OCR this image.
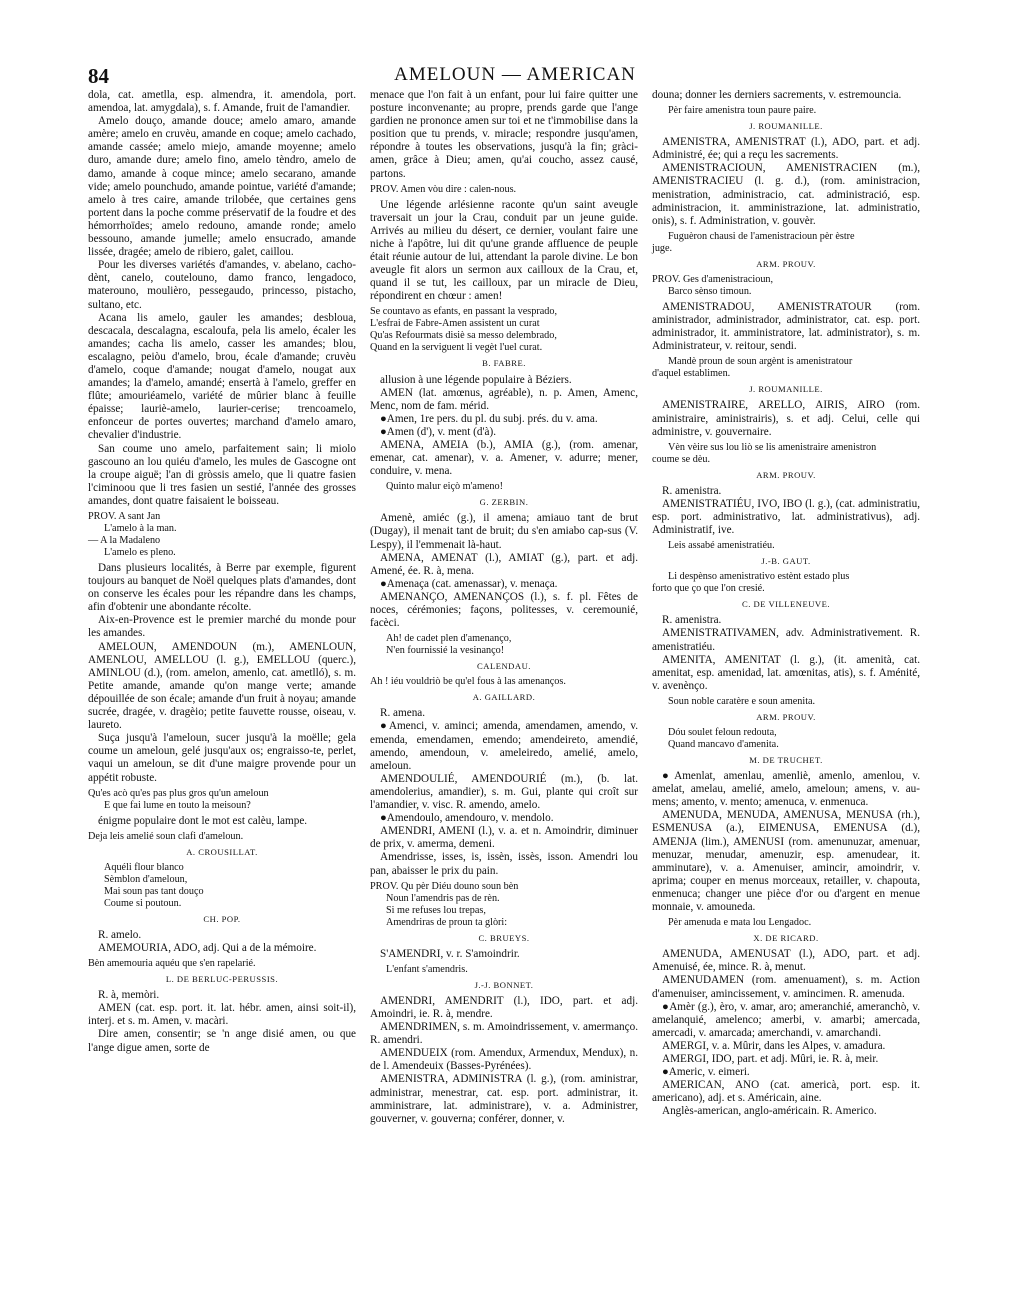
84	AMELOUN — AMERICAN

dola, cat. ametlla, esp. almendra, it. amendola, port. amendoa, lat. amygdala), s. f. Amande, fruit de l'amandier.

Amelo douço, amande douce; amelo amaro, amande amère; amelo en cruvèu, amande en coque; amelo cachado, amande cassée; amelo miejo, amande moyenne; amelo duro, amande dure; amelo fino, amelo tèndro, amelo de damo, amande à coque mince; amelo secarano, amande vide; amelo pounchudo, amande pointue, variété d'amande; amelo à tres caire, amande trilobée, que certaines gens portent dans la poche comme préservatif de la foudre et des hémorrhoïdes; amelo redouno, amande ronde; amelo bessouno, amande jumelle; amelo ensucrado, amande lissée, dragée; amelo de ribiero, galet, caillou.

Pour les diverses variétés d'amandes, v. abelano, cacho-dènt, canelo, coutelouno, damo franco, lengadoco, materouno, moulièro, pessegaudo, princesso, pistacho, sultano, etc.

Acana lis amelo, gauler les amandes; desbloua, descacala, descalagna, escaloufa, pela lis amelo, écaler les amandes; cacha lis amelo, casser les amandes; blou, escalagno, peiòu d'amelo, brou, écale d'amande; cruvèu d'amelo, coque d'amande; nougat d'amelo, nougat aux amandes; la d'amelo, amandé; ensertà à l'amelo, greffer en flûte; amouriéamelo, variété de mûrier blanc à feuille épaisse; lauriè-amelo, laurier-cerise; trencoamelo, enfonceur de portes ouvertes; marchand d'amelo amaro, chevalier d'industrie.

San coume uno amelo, parfaitement sain; li miolo gascouno an lou quiéu d'amelo, les mules de Gascogne ont la croupe aiguë; l'an di gròssis amelo, que li quatre fasien l'ciminoou que li tres fasien un sestié, l'année des grosses amandes, dont quatre faisaient le boisseau.

PROV. A sant Jan
L'amelo à la man.
— A la Madaleno
L'amelo es pleno.

Dans plusieurs localités, à Berre par exemple, figurent toujours au banquet de Noël quelques plats d'amandes, dont on conserve les écales pour les répandre dans les champs, afin d'obtenir une abondante récolte.

Aix-en-Provence est le premier marché du monde pour les amandes.

AMELOUN, AMENDOUN (m.), AMENLOUN, AMENLOU, AMELLOU (l. g.), EMELLOU (querc.), AMINLOU (d.), (rom. amelon, amenlo, cat. ametlló), s. m. Petite amande, amande qu'on mange verte; amande dépouillée de son écale; amande d'un fruit à noyau; amande sucrée, dragée, v. dragèio; petite fauvette rousse, oiseau, v. laureto.

Suça jusqu'à l'ameloun, sucer jusqu'à la moëlle; gela coume un ameloun, gelé jusqu'aux os; engraisso-te, perlet, vaqui un ameloun, se dit d'une maigre provende pour un appétit robuste.

Qu'es acò qu'es pas plus gros qu'un ameloun
E que fai lume en touto la meisoun?

énigme populaire dont le mot est calèu, lampe.

Deja leis amelié soun clafi d'ameloun.
A. CROUSILLAT.
Aquéli flour blanco
Sèmblon d'ameloun,
Mai soun pas tant douço
Coume si poutoun.
CH. POP.

R. amelo.

AMEMOURIA, ADO, adj. Qui a de la mémoire.

Bèn amemouria aquéu que s'en rapelarié.
L. DE BERLUC-PERUSSIS.

R. à, memòri.

AMEN (cat. esp. port. it. lat. hébr. amen, ainsi soit-il), interj. et s. m. Amen, v. macàri.

Dire amen, consentir; se 'n ange disié amen, ou que l'ange digue amen, sorte de

menace que l'on fait à un enfant, pour lui faire quitter une posture inconvenante; au propre, prends garde que l'ange gardien ne prononce amen sur toi et ne t'immobilise dans la position que tu prends, v. miracle; respondre jusqu'amen, répondre à toutes les observations, jusqu'à la fin; gràci-amen, grâce à Dieu; amen, qu'ai coucho, assez causé, partons.

PROV. Amen vòu dire : calen-nous.

Une légende arlésienne raconte qu'un saint aveugle traversait un jour la Crau, conduit par un jeune guide. Arrivés au milieu du désert, ce dernier, voulant faire une niche à l'apôtre, lui dit qu'une grande affluence de peuple était réunie autour de lui, attendant la parole divine. Le bon aveugle fit alors un sermon aux cailloux de la Crau, et, quand il se tut, les cailloux, par un miracle de Dieu, répondirent en chœur : amen!

Se countavo as efants, en passant la vesprado,
L'esfrai de Fabre-Amen assistent un curat
Qu'as Refourmats disiè sa messo delembrado,
Quand en la serviguent li vegèt l'uel curat.
B. FABRE.

allusion à une légende populaire à Béziers.

AMEN (lat. amœnus, agréable), n. p. Amen, Amenc, Menc, nom de fam. mérid.

●Amen, 1re pers. du pl. du subj. prés. du v. ama.

●Amen (d'), v. ment (d'à).

AMENA, AMEIA (b.), AMIA (g.), (rom. amenar, emenar, cat. amenar), v. a. Amener, v. adurre; mener, conduire, v. mena.

Quinto malur eiçò m'ameno!
G. ZERBIN.

Amenè, amiéc (g.), il amena; amiauo tant de brut (Dugay), il menait tant de bruit; du s'en amiabo cap-sus (V. Lespy), il l'emmenait là-haut.

AMENA, AMENAT (l.), AMIAT (g.), part. et adj. Amené, ée. R. à, mena.

●Amenaça (cat. amenassar), v. menaça.

AMENANÇO, AMENANÇOS (l.), s. f. pl. Fêtes de noces, cérémonies; façons, politesses, v. ceremounié, facèci.

Ah! de cadet plen d'amenanço,
N'en fournissié la vesinanço!
CALENDAU.
Ah ! iéu vouldriò be qu'el fous à las amenanços.
A. GAILLARD.

R. amena.

●Amenci, v. aminci; amenda, amendamen, amendo, v. emenda, emendamen, emendo; amendeireto, amendié, amendo, amendoun, v. ameleiredo, amelié, amelo, ameloun.

AMENDOULIÉ, AMENDOURIÉ (m.), (b. lat. amendolerius, amandier), s. m. Gui, plante qui croît sur l'amandier, v. visc. R. amendo, amelo.

●Amendoulo, amendouro, v. mendolo.

AMENDRI, AMENI (l.), v. a. et n. Amoindrir, diminuer de prix, v. amerma, demeni.

Amendrisse, isses, is, issèn, issès, isson. Amendri lou pan, abaisser le prix du pain.

PROV. Qu pèr Diéu douno soun bèn
Noun l'amendris pas de rèn.
Si me refuses lou trepas,
Amendriras de proun ta glòri:
C. BRUEYS.

S'AMENDRI, v. r. S'amoindrir.

L'enfant s'amendris.
J.-J. BONNET.

AMENDRI, AMENDRIT (l.), IDO, part. et adj. Amoindri, ie. R. à, mendre.

AMENDRIMEN, s. m. Amoindrissement, v. amermanço. R. amendri.

AMENDUEIX (rom. Amendux, Armendux, Mendux), n. de l. Amendeuix (Basses-Pyrénées).

AMENISTRA, ADMINISTRA (l. g.), (rom. aministrar, administrar, menestrar, cat. esp. port. administrar, it. amministrare, lat. administrare), v. a. Administrer, gouverner, v. gouverna; conférer, donner, v.

douna; donner les derniers sacrements, v. estremouncia.

Pèr faire amenistra toun paure paire.
J. ROUMANILLE.

AMENISTRA, AMENISTRAT (l.), ADO, part. et adj. Administré, ée; qui a reçu les sacrements.

AMENISTRACIOUN, AMENISTRACIEN (m.), AMENISTRACIEU (l. g. d.), (rom. aministracion, menistration, administracio, cat. administració, esp. administracion, it. amministrazione, lat. administratio, onis), s. f. Administration, v. gouvèr.

Fuguèron chausi de l'amenistracioun pèr èstre
juge.
ARM. PROUV.
PROV. Ges d'amenistracioun,
Barco sènso timoun.

AMENISTRADOU, AMENISTRATOUR (rom. aministrador, administrador, administrator, cat. esp. port. administrador, it. amministratore, lat. administrator), s. m. Administrateur, v. reitour, sendi.

Mandè proun de soun argènt is amenistratour
d'aquel establimen.
J. ROUMANILLE.

AMENISTRAIRE, ARELLO, AIRIS, AIRO (rom. aministraire, aministrairis), s. et adj. Celui, celle qui administre, v. gouvernaire.

Vèn vèire sus lou liò se lis amenistraire amenistron
coume se dèu.
ARM. PROUV.

R. amenistra.

AMENISTRATIÉU, IVO, IBO (l. g.), (cat. administratiu, esp. port. administrativo, lat. administrativus), adj. Administratif, ive.

Leis assabé amenistratiéu.
J.-B. GAUT.
Li despènso amenistrativo estènt estado plus
forto que ço que l'on cresié.
C. DE VILLENEUVE.

R. amenistra.

AMENISTRATIVAMEN, adv. Administrativement. R. amenistratiéu.

AMENITA, AMENITAT (l. g.), (it. amenità, cat. amenitat, esp. amenidad, lat. amœnitas, atis), s. f. Aménité, v. avenènço.

Soun noble caratère e soun amenita.
ARM. PROUV.
Dóu soulet feloun redouta,
Quand mancavo d'amenita.
M. DE TRUCHET.

●Amenlat, amenlau, amenliè, amenlo, amenlou, v. amelat, amelau, amelié, amelo, ameloun; amens, v. au-mens; amento, v. mento; amenuca, v. enmenuca.

AMENUDA, MENUDA, AMENUSA, MENUSA (rh.), ESMENUSA (a.), EIMENUSA, EMENUSA (d.), AMENJA (lim.), AMENUSI (rom. amenunuzar, amenuar, menuzar, menudar, amenuzir, esp. amenudear, it. amminutare), v. a. Amenuiser, amincir, amoindrir, v. aprima; couper en menus morceaux, retailler, v. chapouta, enmenuca; changer une pièce d'or ou d'argent en menue monnaie, v. amouneda.

Pèr amenuda e mata lou Lengadoc.
X. DE RICARD.

AMENUDA, AMENUSAT (l.), ADO, part. et adj. Amenuisé, ée, mince. R. à, menut.

AMENUDAMEN (rom. amenuament), s. m. Action d'amenuiser, amincissement, v. amincimen. R. amenuda.

●Amèr (g.), èro, v. amar, aro; ameranchié, ameranchò, v. amelanquié, amelenco; amerbi, v. amarbi; amercada, amercadi, v. amarcada; amerchandi, v. amarchandi.

AMERGI, v. a. Mûrir, dans les Alpes, v. amadura.

AMERGI, IDO, part. et adj. Mûri, ie. R. à, meir.

●Americ, v. eimeri.

AMERICAN, ANO (cat. americà, port. esp. it. americano), adj. et s. Américain, aine.

Anglès-american, anglo-américain. R. Americo.
